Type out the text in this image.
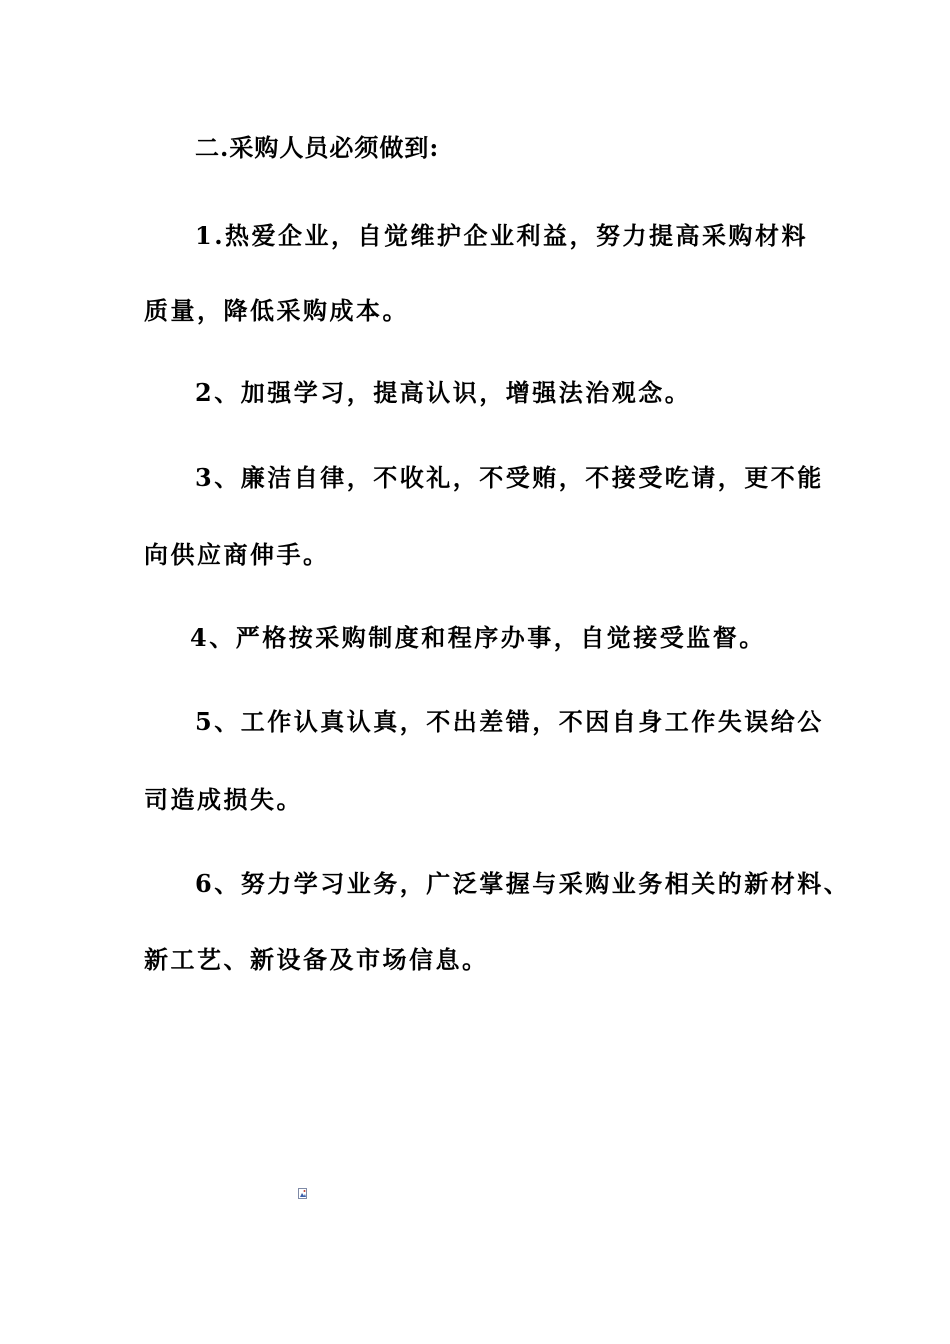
二.采购人员必须做到:
1.热爱企业，自觉维护企业利益，努力提高采购材料
质量，降低采购成本。
2、加强学习，提高认识，增强法治观念。
3、廉洁自律，不收礼，不受贿，不接受吃请，更不能
向供应商伸手。
4、严格按采购制度和程序办事，自觉接受监督。
5、工作认真认真，不出差错，不因自身工作失误给公
司造成损失。
6、努力学习业务，广泛掌握与采购业务相关的新材料、
新工艺、新设备及市场信息。
